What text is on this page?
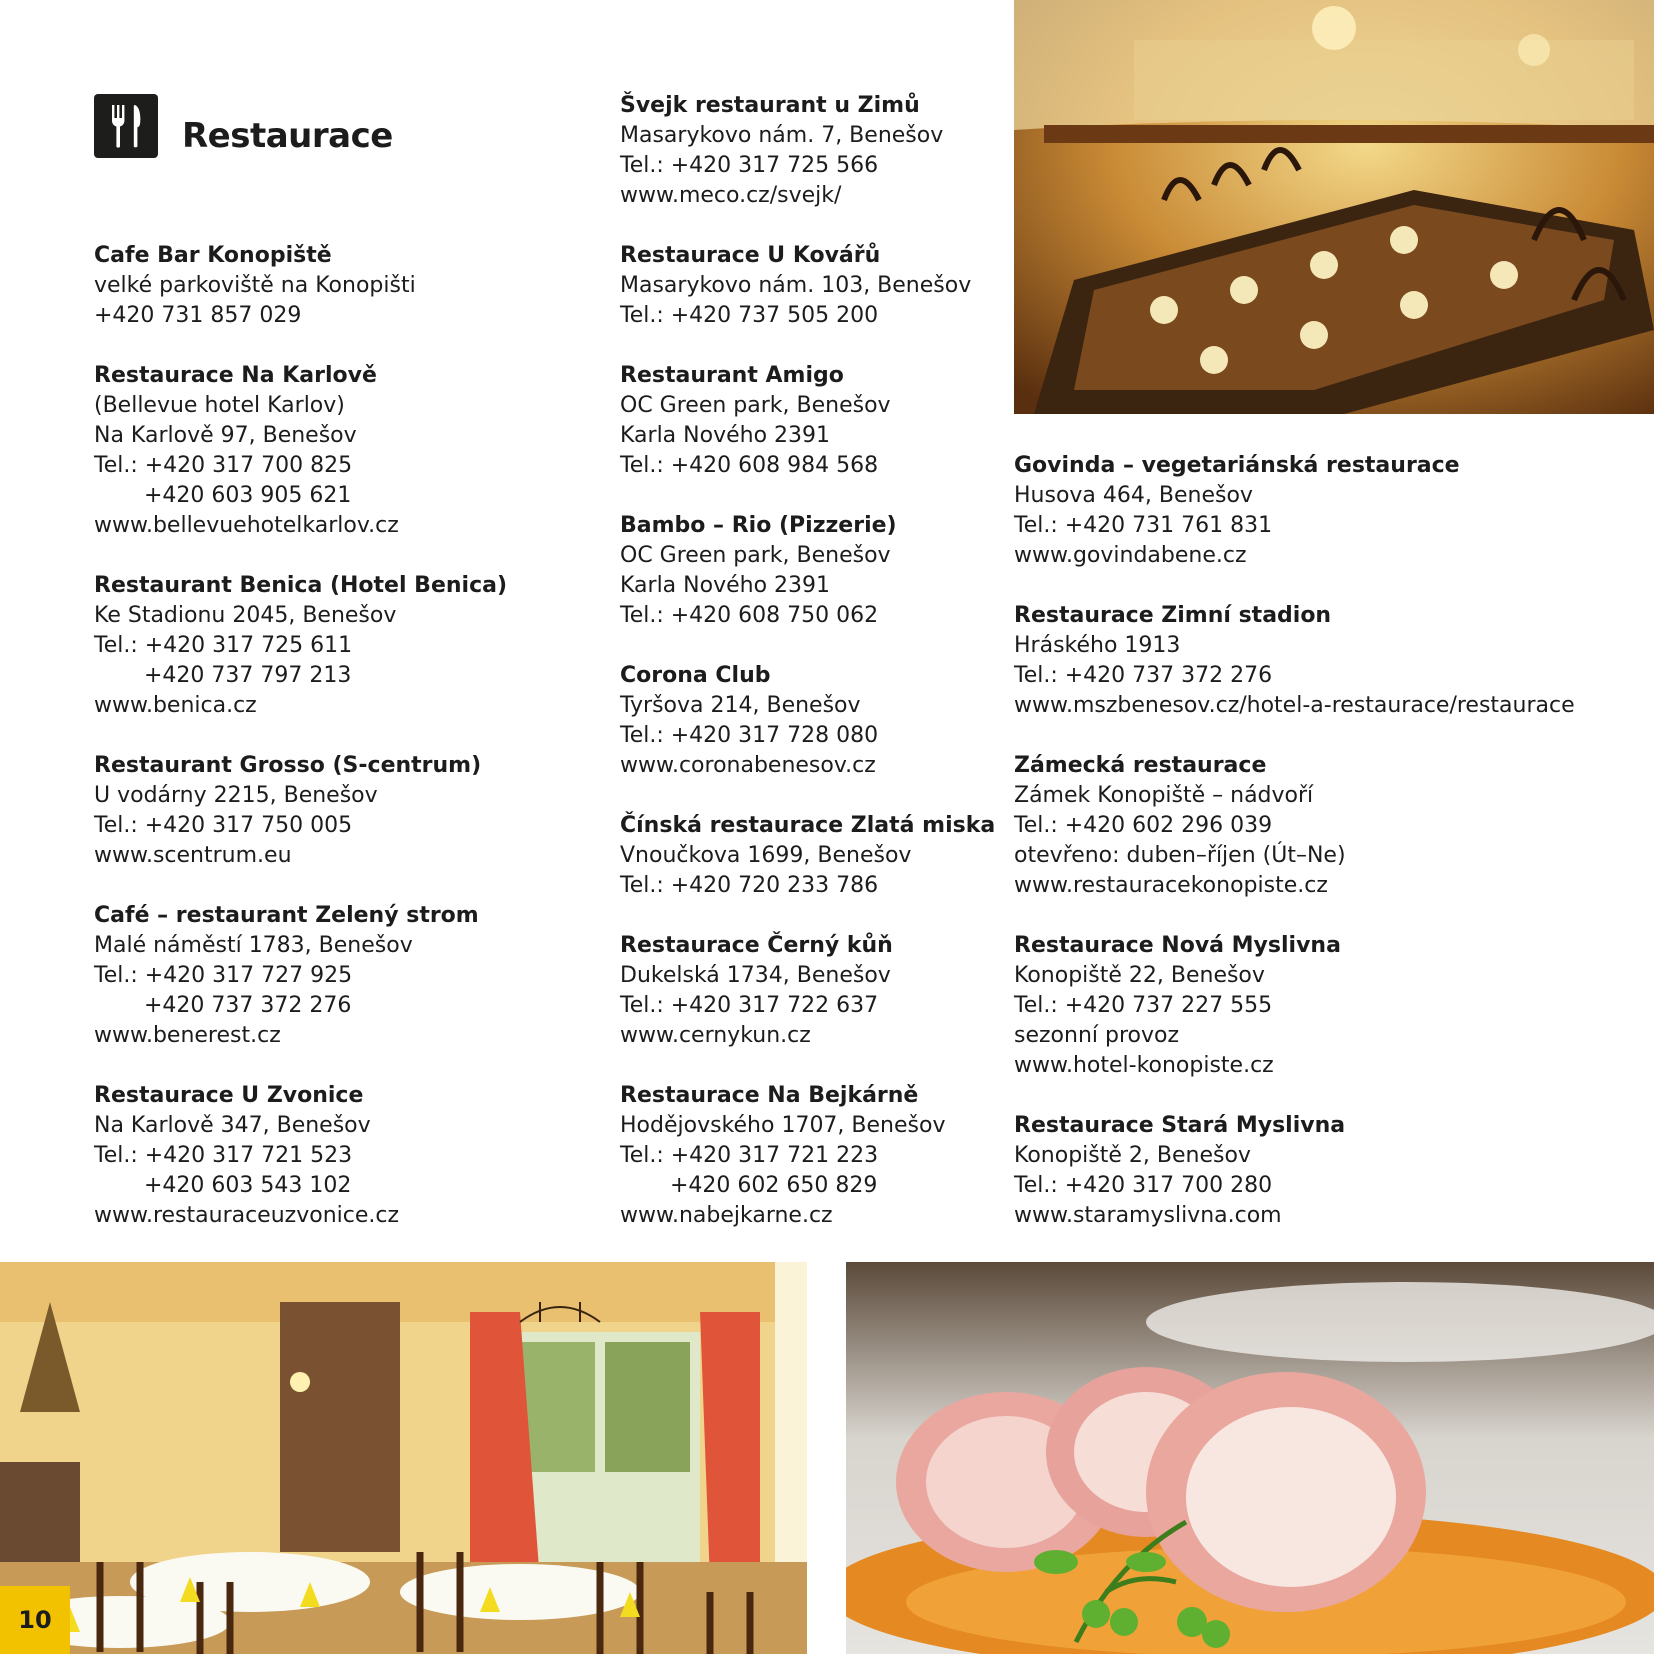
Restaurace
Cafe Bar Konopiště
velké parkoviště na Konopišti
+420 731 857 029
Restaurace Na Karlově
(Bellevue hotel Karlov)
Na Karlově 97, Benešov
Tel.: +420 317 700 825
+420 603 905 621
www.bellevuehotelkarlov.cz
Restaurant Benica (Hotel Benica)
Ke Stadionu 2045, Benešov
Tel.: +420 317 725 611
+420 737 797 213
www.benica.cz
Restaurant Grosso (S-centrum)
U vodárny 2215, Benešov
Tel.: +420 317 750 005
www.scentrum.eu
Café – restaurant Zelený strom
Malé náměstí 1783, Benešov
Tel.: +420 317 727 925
+420 737 372 276
www.benerest.cz
Restaurace U Zvonice
Na Karlově 347, Benešov
Tel.: +420 317 721 523
+420 603 543 102
www.restauraceuzvonice.cz
Švejk restaurant u Zimů
Masarykovo nám. 7, Benešov
Tel.: +420 317 725 566
www.meco.cz/svejk/
Restaurace U Kovářů
Masarykovo nám. 103, Benešov
Tel.: +420 737 505 200
Restaurant Amigo
OC Green park, Benešov
Karla Nového 2391
Tel.: +420 608 984 568
Bambo – Rio (Pizzerie)
OC Green park, Benešov
Karla Nového 2391
Tel.: +420 608 750 062
Corona Club
Tyršova 214, Benešov
Tel.: +420 317 728 080
www.coronabenesov.cz
Čínská restaurace Zlatá miska
Vnoučkova 1699, Benešov
Tel.: +420 720 233 786
Restaurace Černý kůň
Dukelská 1734, Benešov
Tel.: +420 317 722 637
www.cernykun.cz
Restaurace Na Bejkárně
Hodějovského 1707, Benešov
Tel.: +420 317 721 223
+420 602 650 829
www.nabejkarne.cz
Govinda – vegetariánská restaurace
Husova 464, Benešov
Tel.: +420 731 761 831
www.govindabene.cz
Restaurace Zimní stadion
Hráského 1913
Tel.: +420 737 372 276
www.mszbenesov.cz/hotel-a-restaurace/restaurace
Zámecká restaurace
Zámek Konopiště – nádvoří
Tel.: +420 602 296 039
otevřeno: duben–říjen (Út–Ne)
www.restauracekonopiste.cz
Restaurace Nová Myslivna
Konopiště 22, Benešov
Tel.: +420 737 227 555
sezonní provoz
www.hotel-konopiste.cz
Restaurace Stará Myslivna
Konopiště 2, Benešov
Tel.: +420 317 700 280
www.staramyslivna.com
10
